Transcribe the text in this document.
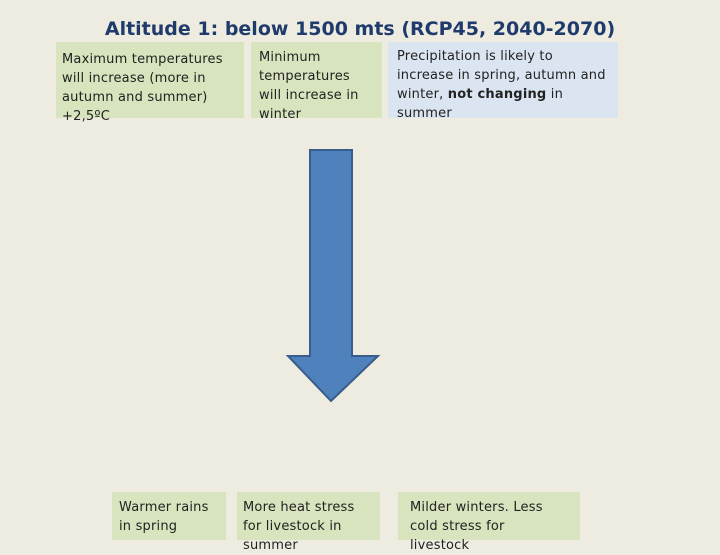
Altitude 1: below 1500 mts (RCP45, 2040-2070)
Maximum temperatures will increase (more in autumn and summer) +2,5ºC
Minimum temperatures will increase in winter
Precipitation is likely to increase in spring, autumn and winter, not changing in summer
Warmer rains in spring
More heat stress for livestock in summer
Milder winters. Less cold stress for livestock
